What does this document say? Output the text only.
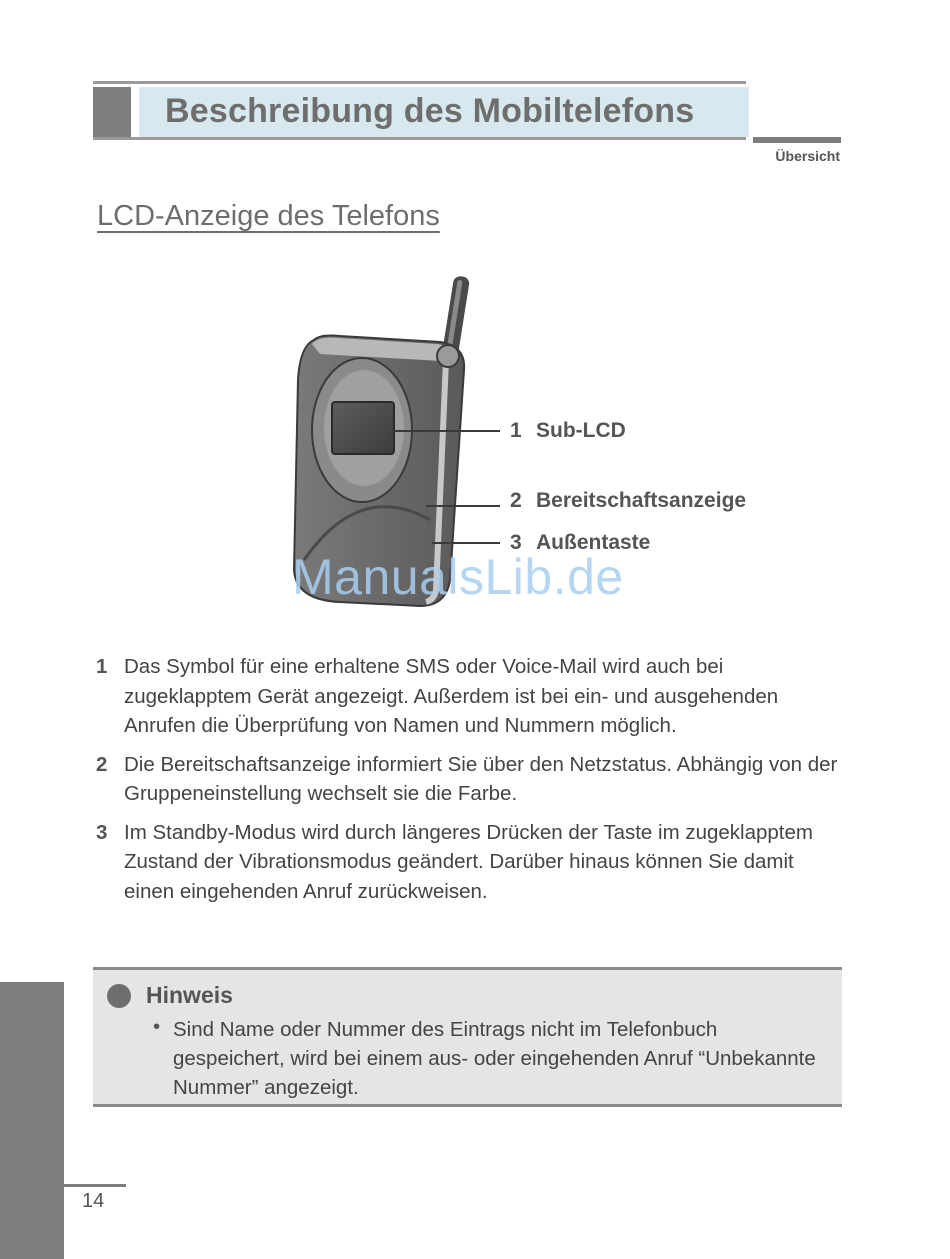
Beschreibung des Mobiltelefons
Übersicht
LCD-Anzeige des Telefons
1 Sub-LCD
2 Bereitschaftsanzeige
3 Außentaste
ManualsLib.de
1 Das Symbol für eine erhaltene SMS oder Voice-Mail wird auch bei zugeklapptem Gerät angezeigt. Außerdem ist bei ein- und ausgehenden Anrufen die Überprüfung von Namen und Nummern möglich.
2 Die Bereitschaftsanzeige informiert Sie über den Netzstatus. Abhängig von der Gruppeneinstellung wechselt sie die Farbe.
3 Im Standby-Modus wird durch längeres Drücken der Taste im zugeklapptem Zustand der Vibrationsmodus geändert. Darüber hinaus können Sie damit einen eingehenden Anruf zurückweisen.
Hinweis
• Sind Name oder Nummer des Eintrags nicht im Telefonbuch gespeichert, wird bei einem aus- oder eingehenden Anruf “Unbekannte Nummer” angezeigt.
14
